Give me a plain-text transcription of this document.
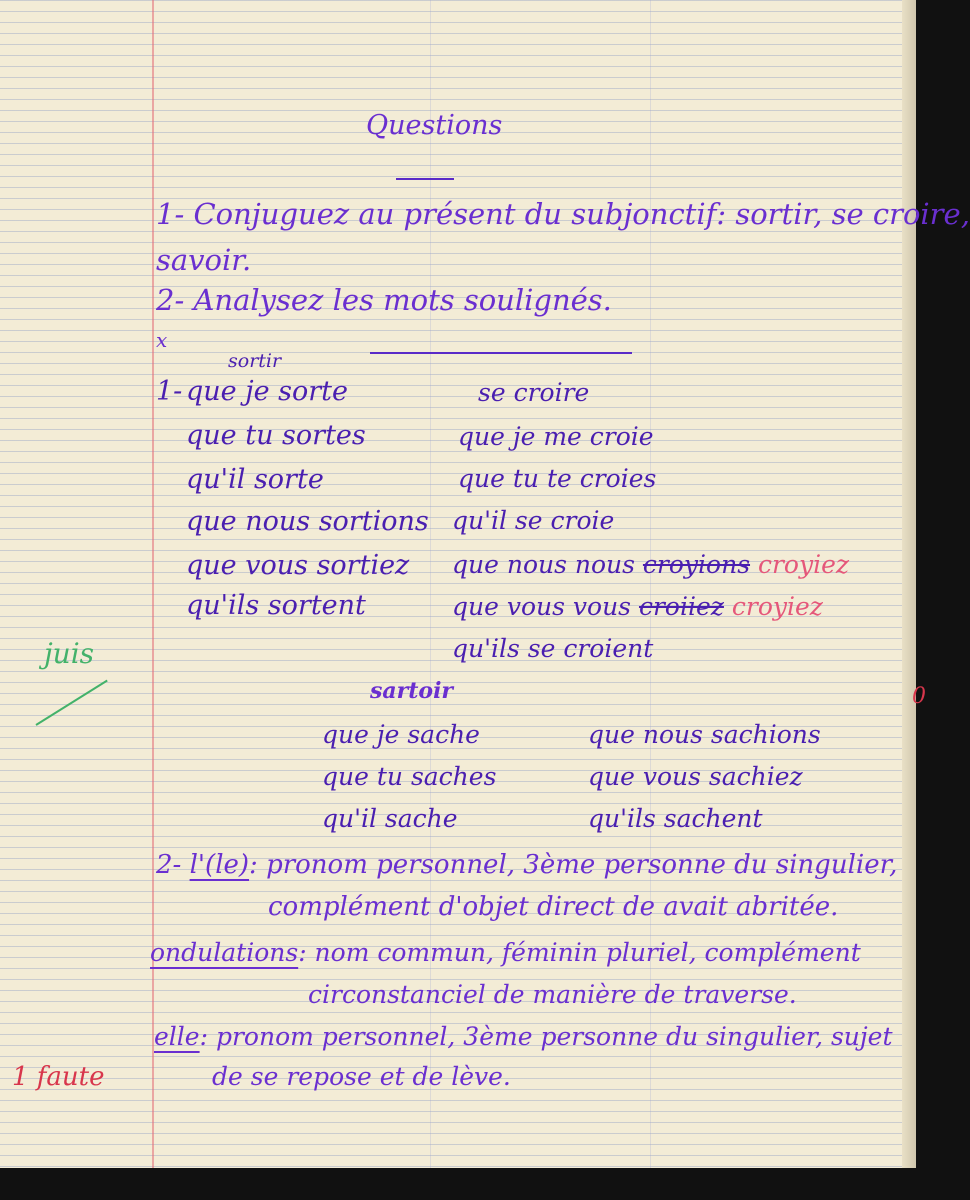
Questions
1- Conjuguez au présent du subjonctif: sortir, se croire,
savoir.
2- Analysez les mots soulignés.
x
sortir
1- que je sorte
que tu sortes
qu'il sorte
que nous sortions
que vous sortiez
qu'ils sortent
se croire
que je me croie
que tu te croies
qu'il se croie
que nous nous croyions croyiez
que vous vous croiiez croyiez
qu'ils se croient
sartoir
que je sache
que tu saches
qu'il sache
que nous sachions
que vous sachiez
qu'ils sachent
2- l'(le): pronom personnel, 3ème personne du singulier,
complément d'objet direct de avait abritée.
ondulations: nom commun, féminin pluriel, complément
circonstanciel de manière de traverse.
elle: pronom personnel, 3ème personne du singulier, sujet
de se repose et de lève.
juis
0
1 faute
